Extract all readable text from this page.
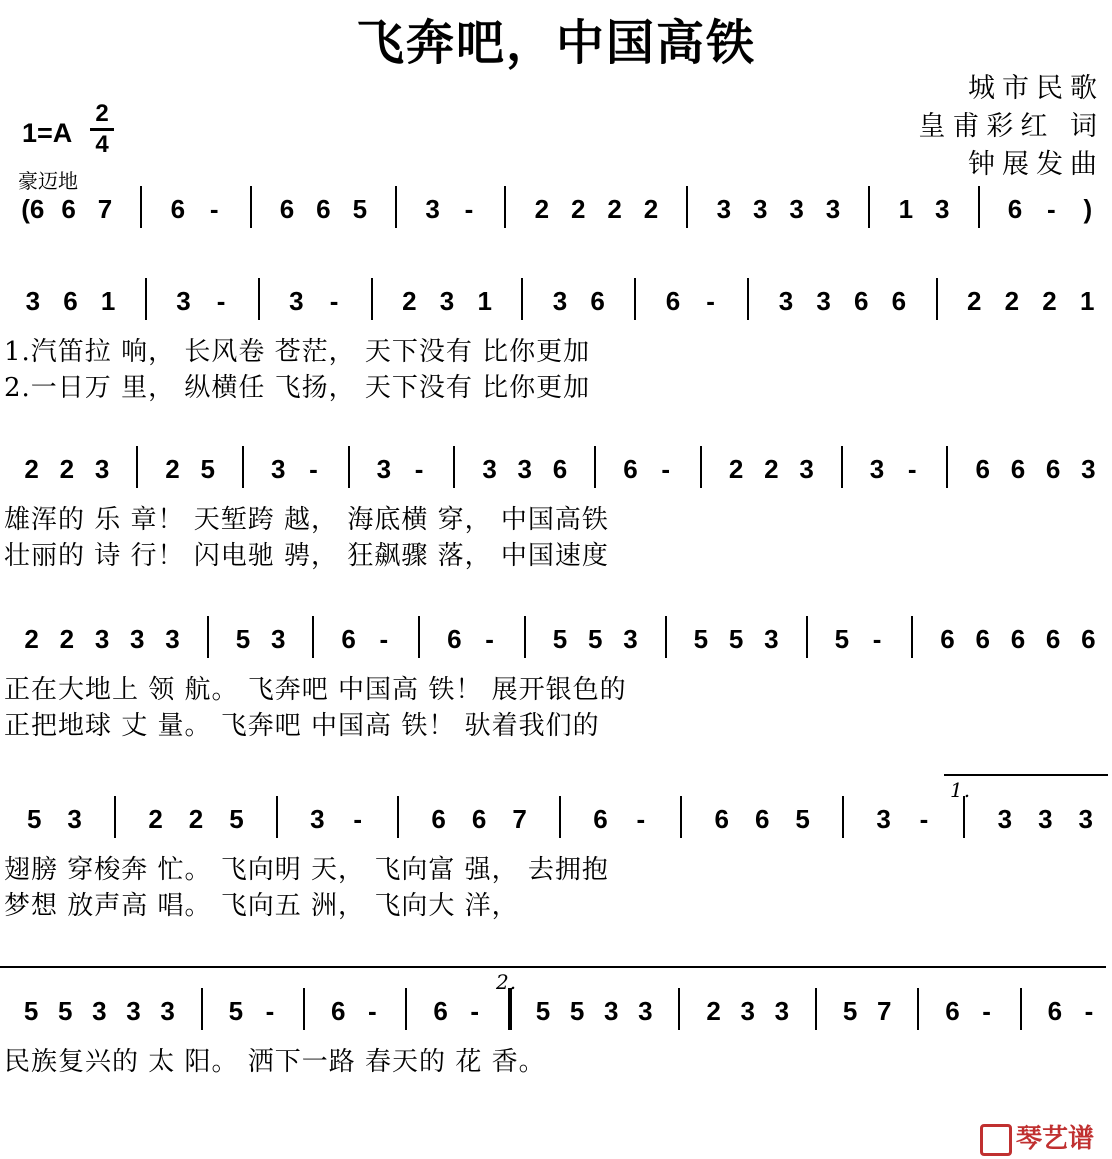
飞奔吧，中国高铁
城市民歌
皇甫彩红 词
钟展发曲
1=A
2
4
豪迈地
(6 6 7 6 - 6 6 5 3 - 2 2 2 2 3 3 3 3 1 3 6 - )
3 6 1 3 - 3 - 2 3 1 3 6 6 - 3 3 6 6 2 2 2 1
1.汽笛拉 响， 长风卷 苍茫， 天下没有 比你更加
2.一日万 里， 纵横任 飞扬， 天下没有 比你更加
2 2 3 2 5 3 - 3 - 3 3 6 6 - 2 2 3 3 - 6 6 6 3
雄浑的 乐 章！ 天堑跨 越， 海底横 穿， 中国高铁
壮丽的 诗 行！ 闪电驰 骋， 狂飙骤 落， 中国速度
2 2 3 3 3 5 3 6 - 6 - 5 5 3 5 5 3 5 - 6 6 6 6 6
正在大地上 领 航。 飞奔吧 中国高 铁！ 展开银色的
正把地球 丈 量。 飞奔吧 中国高 铁！ 驮着我们的
5 3	2 2 5	3 -	6 6 7	6 -	6 6 5	3 -	3 3 3
翅膀 穿梭奔 忙。 飞向明 天， 飞向富 强， 去拥抱
梦想 放声高 唱。 飞向五 洲， 飞向大 洋，
1.
5 5 3 3 3 5 - 6 - 6 - 5 5 3 3 2 3 3 5 7 6 - 6 -
民族复兴的 太 阳。 洒下一路 春天的 花 香。
2.
琴艺谱
